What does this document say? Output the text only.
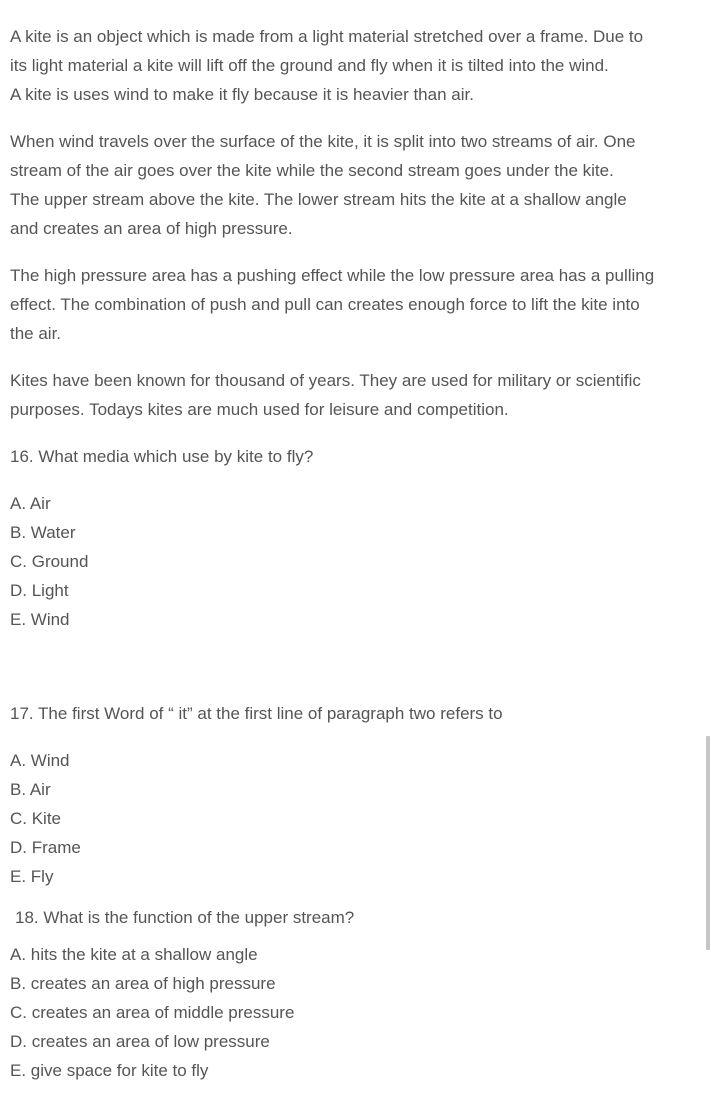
A kite is an object which is made from a light material stretched over a frame. Due to
its light material a kite will lift off the ground and fly when it is tilted into the wind.
A kite is uses wind to make it fly because it is heavier than air.
When wind travels over the surface of the kite, it is split into two streams of air. One
stream of the air goes over the kite while the second stream goes under the kite.
The upper stream above the kite. The lower stream hits the kite at a shallow angle
and creates an area of high pressure.
The high pressure area has a pushing effect while the low pressure area has a pulling
effect. The combination of push and pull can creates enough force to lift the kite into
the air.
Kites have been known for thousand of years. They are used for military or scientific
purposes. Todays kites are much used for leisure and competition.
16. What media which use by kite to fly?
A. Air
B. Water
C. Ground
D. Light
E. Wind
17. The first Word of “ it” at the first line of paragraph two refers to
A. Wind
B. Air
C. Kite
D. Frame
E. Fly
18. What is the function of the upper stream?
A. hits the kite at a shallow angle
B. creates an area of high pressure
C. creates an area of middle pressure
D. creates an area of low pressure
E. give space for kite to fly
